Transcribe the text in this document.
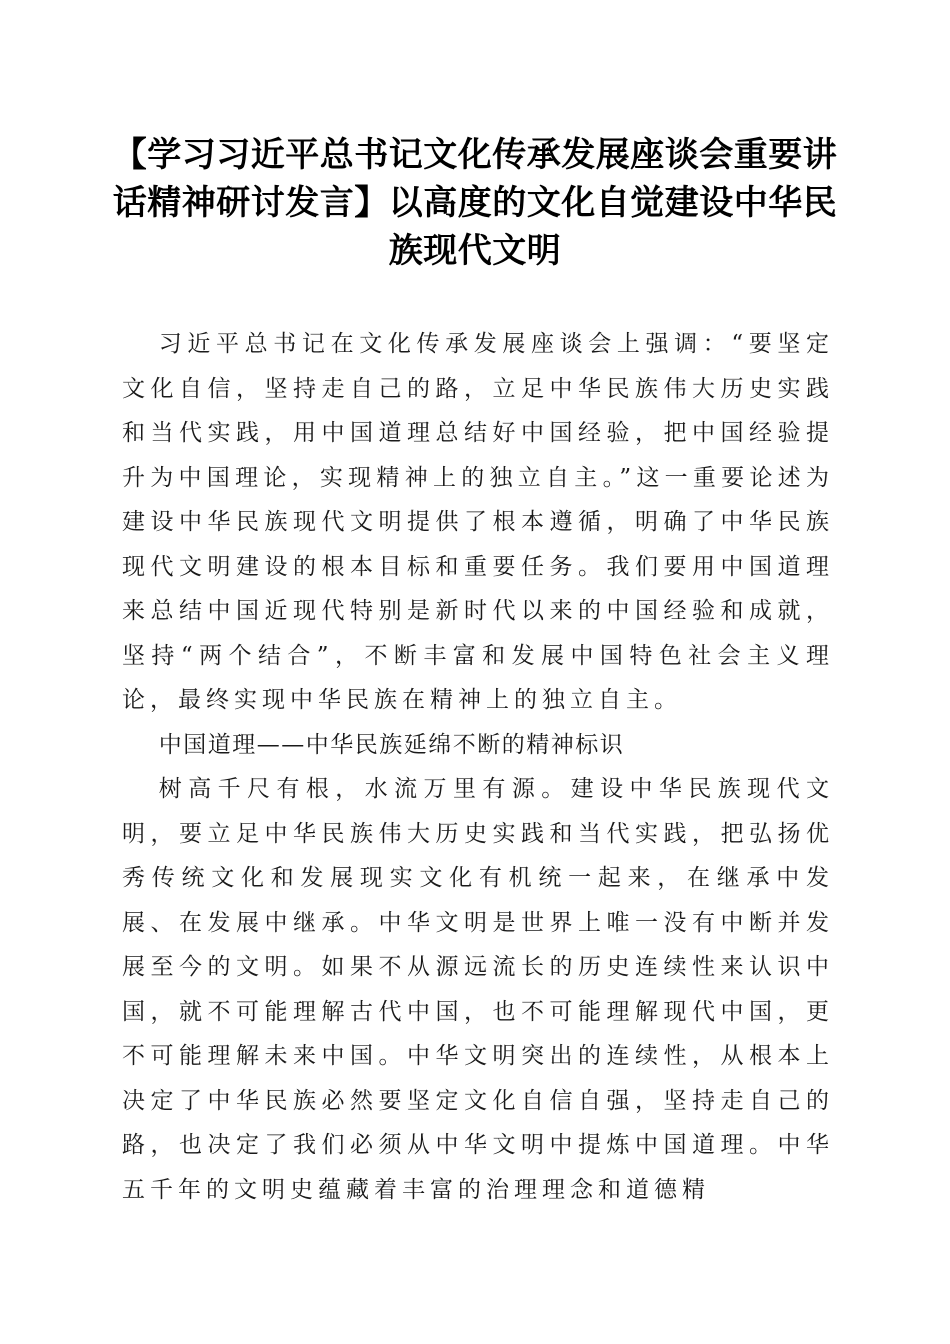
【学习习近平总书记文化传承发展座谈会重要讲话精神研讨发言】以高度的文化自觉建设中华民族现代文明

习近平总书记在文化传承发展座谈会上强调：“要坚定文化自信，坚持走自己的路，立足中华民族伟大历史实践和当代实践，用中国道理总结好中国经验，把中国经验提升为中国理论，实现精神上的独立自主。”这一重要论述为建设中华民族现代文明提供了根本遵循，明确了中华民族现代文明建设的根本目标和重要任务。我们要用中国道理来总结中国近现代特别是新时代以来的中国经验和成就，坚持“两个结合”，不断丰富和发展中国特色社会主义理论，最终实现中华民族在精神上的独立自主。

中国道理——中华民族延绵不断的精神标识

树高千尺有根，水流万里有源。建设中华民族现代文明，要立足中华民族伟大历史实践和当代实践，把弘扬优秀传统文化和发展现实文化有机统一起来，在继承中发展、在发展中继承。中华文明是世界上唯一没有中断并发展至今的文明。如果不从源远流长的历史连续性来认识中国，就不可能理解古代中国，也不可能理解现代中国，更不可能理解未来中国。中华文明突出的连续性，从根本上决定了中华民族必然要坚定文化自信自强，坚持走自己的路，也决定了我们必须从中华文明中提炼中国道理。中华五千年的文明史蕴藏着丰富的治理理念和道德精
